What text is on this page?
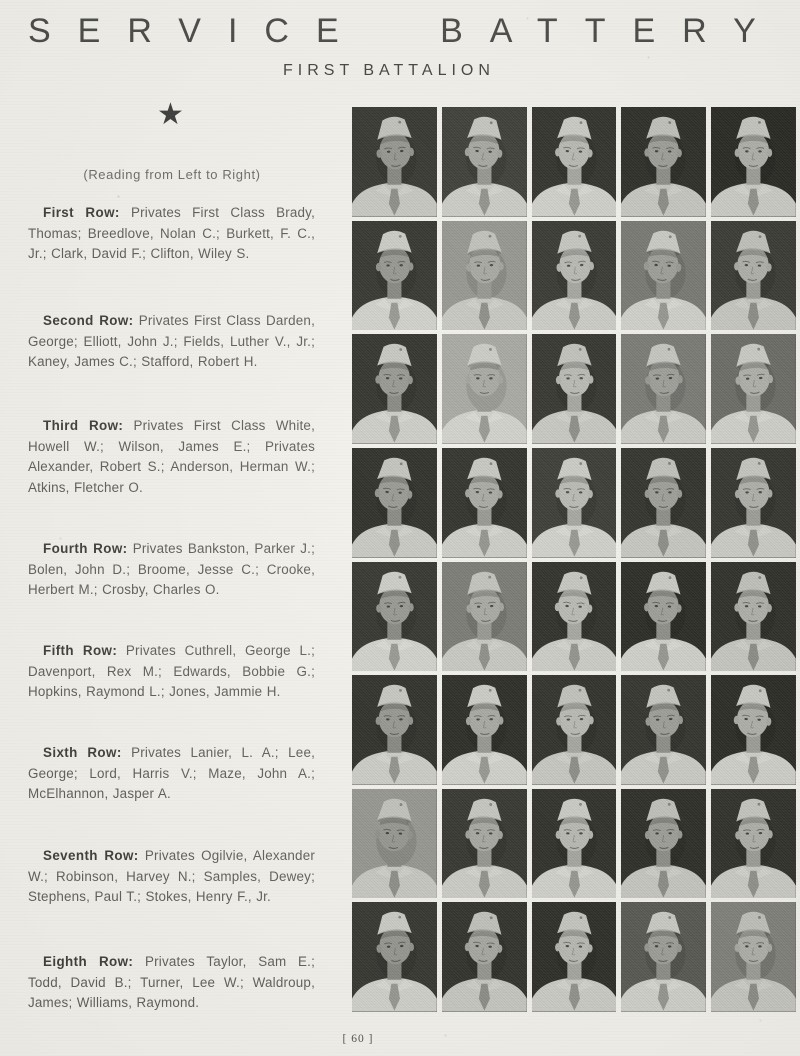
SERVICE BATTERY
FIRST BATTALION
★
(Reading from Left to Right)

First Row: Privates First Class Brady, Thomas; Breedlove, Nolan C.; Burkett, F. C., Jr.; Clark, David F.; Clifton, Wiley S.

Second Row: Privates First Class Darden, George; Elliott, John J.; Fields, Luther V., Jr.; Kaney, James C.; Stafford, Robert H.

Third Row: Privates First Class White, Howell W.; Wilson, James E.; Privates Alexander, Robert S.; Anderson, Herman W.; Atkins, Fletcher O.

Fourth Row: Privates Bankston, Parker J.; Bolen, John D.; Broome, Jesse C.; Crooke, Herbert M.; Crosby, Charles O.

Fifth Row: Privates Cuthrell, George L.; Davenport, Rex M.; Edwards, Bobbie G.; Hopkins, Raymond L.; Jones, Jammie H.

Sixth Row: Privates Lanier, L. A.; Lee, George; Lord, Harris V.; Maze, John A.; McElhannon, Jasper A.

Seventh Row: Privates Ogilvie, Alexander W.; Robinson, Harvey N.; Samples, Dewey; Stephens, Paul T.; Stokes, Henry F., Jr.

Eighth Row: Privates Taylor, Sam E.; Todd, David B.; Turner, Lee W.; Waldroup, James; Williams, Raymond.

[ 60 ]
